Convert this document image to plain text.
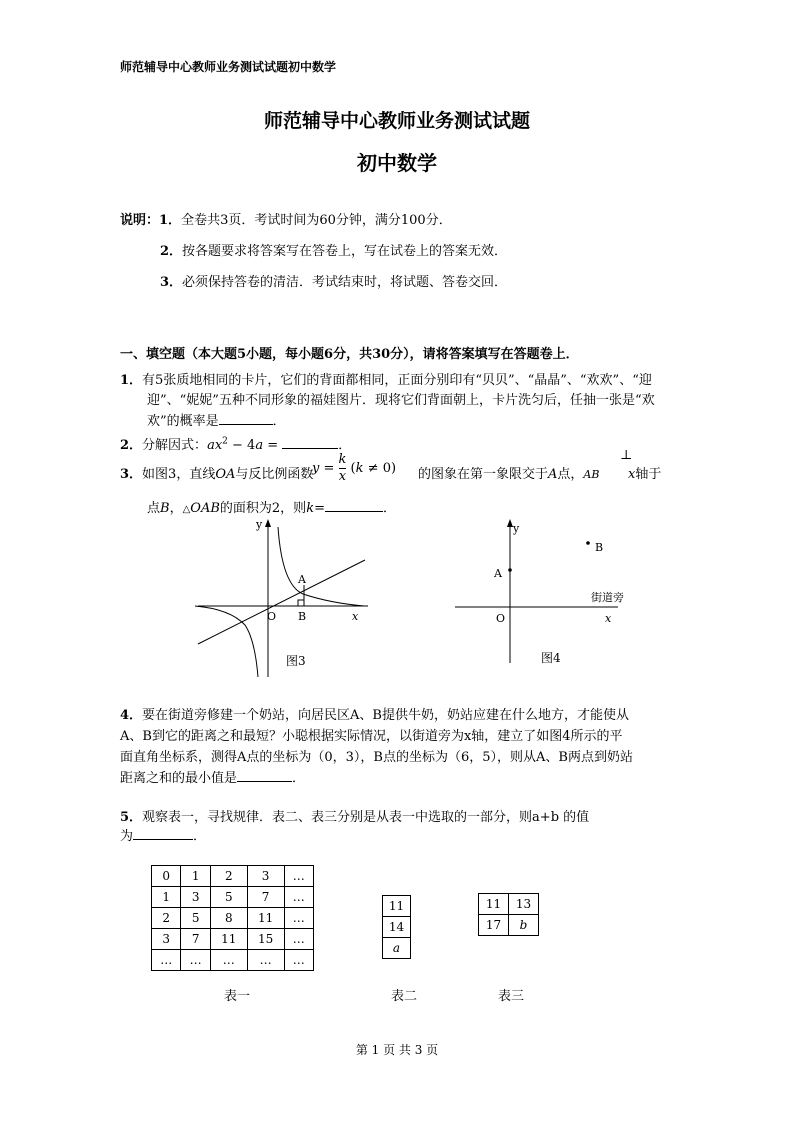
师范辅导中心教师业务测试试题初中数学
师范辅导中心教师业务测试试题
初中数学
说明：1．全卷共3页．考试时间为60分钟，满分100分．
2．按各题要求将答案写在答卷上，写在试卷上的答案无效．
3．必须保持答卷的清洁．考试结束时，将试题、答卷交回．
一、填空题（本大题5小题，每小题6分，共30分），请将答案填写在答题卷上．
1．有5张质地相同的卡片，它们的背面都相同，正面分别印有“贝贝”、“晶晶”、“欢欢”、“迎
迎”、“妮妮”五种不同形象的福娃图片．现将它们背面朝上，卡片洗匀后，任抽一张是“欢
欢”的概率是	．
2．分解因式：$ax^2 - 4a$ =	．
3．如图3，直线OA与反比例函数
$y = \frac{k}{x} (k \ne 0)$ 的图象在第一象限交于A点，AB
⊥
x轴于
点B，△OAB的面积为2，则k=	．
y
x
A
B
O
图3
y
x
A
B
O
街道旁
图4
4．要在街道旁修建一个奶站，向居民区A、B提供牛奶，奶站应建在什么地方，才能使从
A、B到它的距离之和最短？小聪根据实际情况，以街道旁为x轴，建立了如图4所示的平
面直角坐标系，测得A点的坐标为（0，3），B点的坐标为（6，5），则从A、B两点到奶站
距离之和的最小值是	．
5．观察表一，寻找规律．表二、表三分别是从表一中选取的一部分，则a+b 的值
为	．
0	1	2	3	…
1	3	5	7	…
2	5	8	11	…
3	7	11	15	…
…	…	…	…	…
表一
11
14
a
表二
11	13
17	b
表三
第 1 页 共 3 页
